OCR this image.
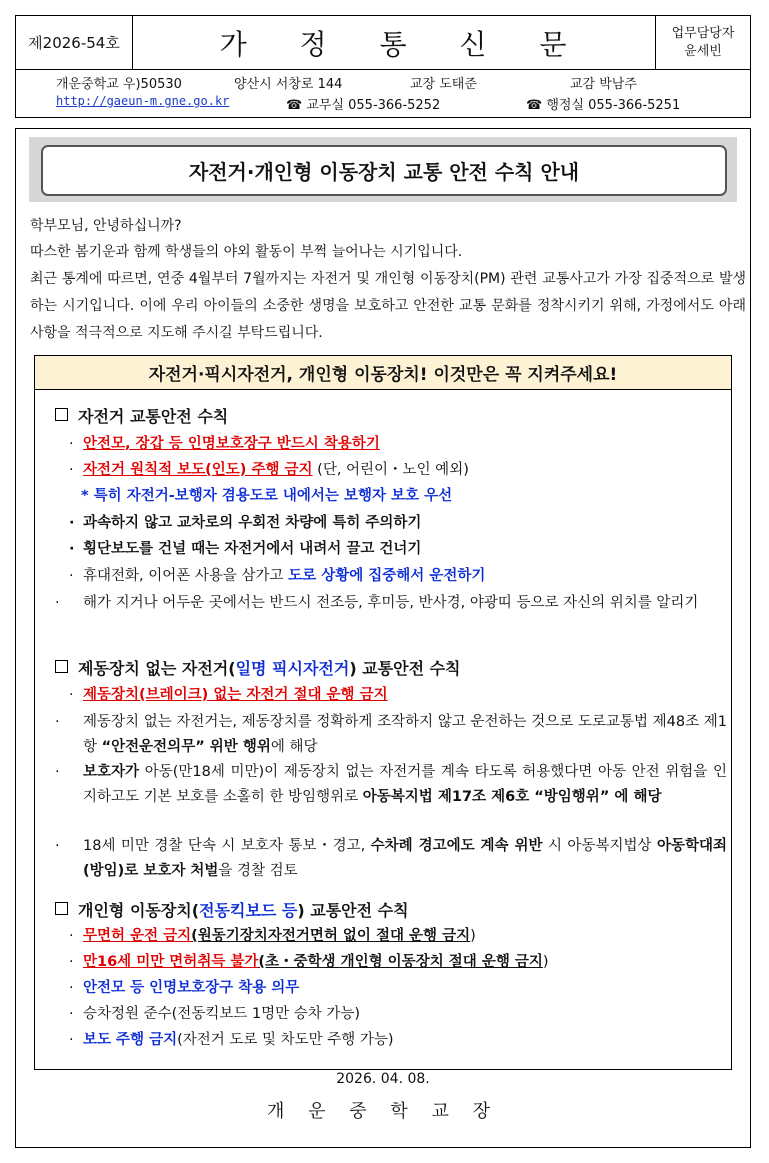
제2026-54호	가 정 통 신 문	업무담당자
윤세빈
개운중학교 우)50530	양산시 서창로 144	교장 도태준	교감 박남주
http://gaeun-m.gne.go.kr	☎ 교무실 055-366-5252	☎ 행정실 055-366-5251
자전거·개인형 이동장치 교통 안전 수칙 안내
학부모님, 안녕하십니까?
따스한 봄기운과 함께 학생들의 야외 활동이 부쩍 늘어나는 시기입니다.
최근 통계에 따르면, 연중 4월부터 7월까지는 자전거 및 개인형 이동장치(PM) 관련 교통사고가 가장 집중적으로 발생하는 시기입니다. 이에 우리 아이들의 소중한 생명을 보호하고 안전한 교통 문화를 정착시키기 위해, 가정에서도 아래 사항을 적극적으로 지도해 주시길 부탁드립니다.
자전거·픽시자전거, 개인형 이동장치! 이것만은 꼭 지켜주세요!
자전거 교통안전 수칙
· 안전모, 장갑 등 인명보호장구 반드시 착용하기
· 자전거 원칙적 보도(인도) 주행 금지 (단, 어린이・노인 예외)
* 특히 자전거-보행자 겸용도로 내에서는 보행자 보호 우선
· 과속하지 않고 교차로의 우회전 차량에 특히 주의하기
· 횡단보도를 건널 때는 자전거에서 내려서 끌고 건너기
· 휴대전화, 이어폰 사용을 삼가고 도로 상황에 집중해서 운전하기
· 해가 지거나 어두운 곳에서는 반드시 전조등, 후미등, 반사경, 야광띠 등으로 자신의 위치를 알리기
제동장치 없는 자전거(일명 픽시자전거) 교통안전 수칙
· 제동장치(브레이크) 없는 자전거 절대 운행 금지
· 제동장치 없는 자전거는, 제동장치를 정확하게 조작하지 않고 운전하는 것으로 도로교통법 제48조 제1항 “안전운전의무” 위반 행위에 해당
· 보호자가 아동(만18세 미만)이 제동장치 없는 자전거를 계속 타도록 허용했다면 아동 안전 위험을 인지하고도 기본 보호를 소홀히 한 방임행위로 아동복지법 제17조 제6호 “방임행위” 에 해당
· 18세 미만 경찰 단속 시 보호자 통보・경고, 수차례 경고에도 계속 위반 시 아동복지법상 아동학대죄(방임)로 보호자 처벌을 경찰 검토
개인형 이동장치(전동킥보드 등) 교통안전 수칙
· 무면허 운전 금지(원동기장치자전거면허 없이 절대 운행 금지)
· 만16세 미만 면허취득 불가(초・중학생 개인형 이동장치 절대 운행 금지)
· 안전모 등 인명보호장구 착용 의무
· 승차정원 준수(전동킥보드 1명만 승차 가능)
· 보도 주행 금지(자전거 도로 및 차도만 주행 가능)
2026. 04. 08.
개 운 중 학 교 장
